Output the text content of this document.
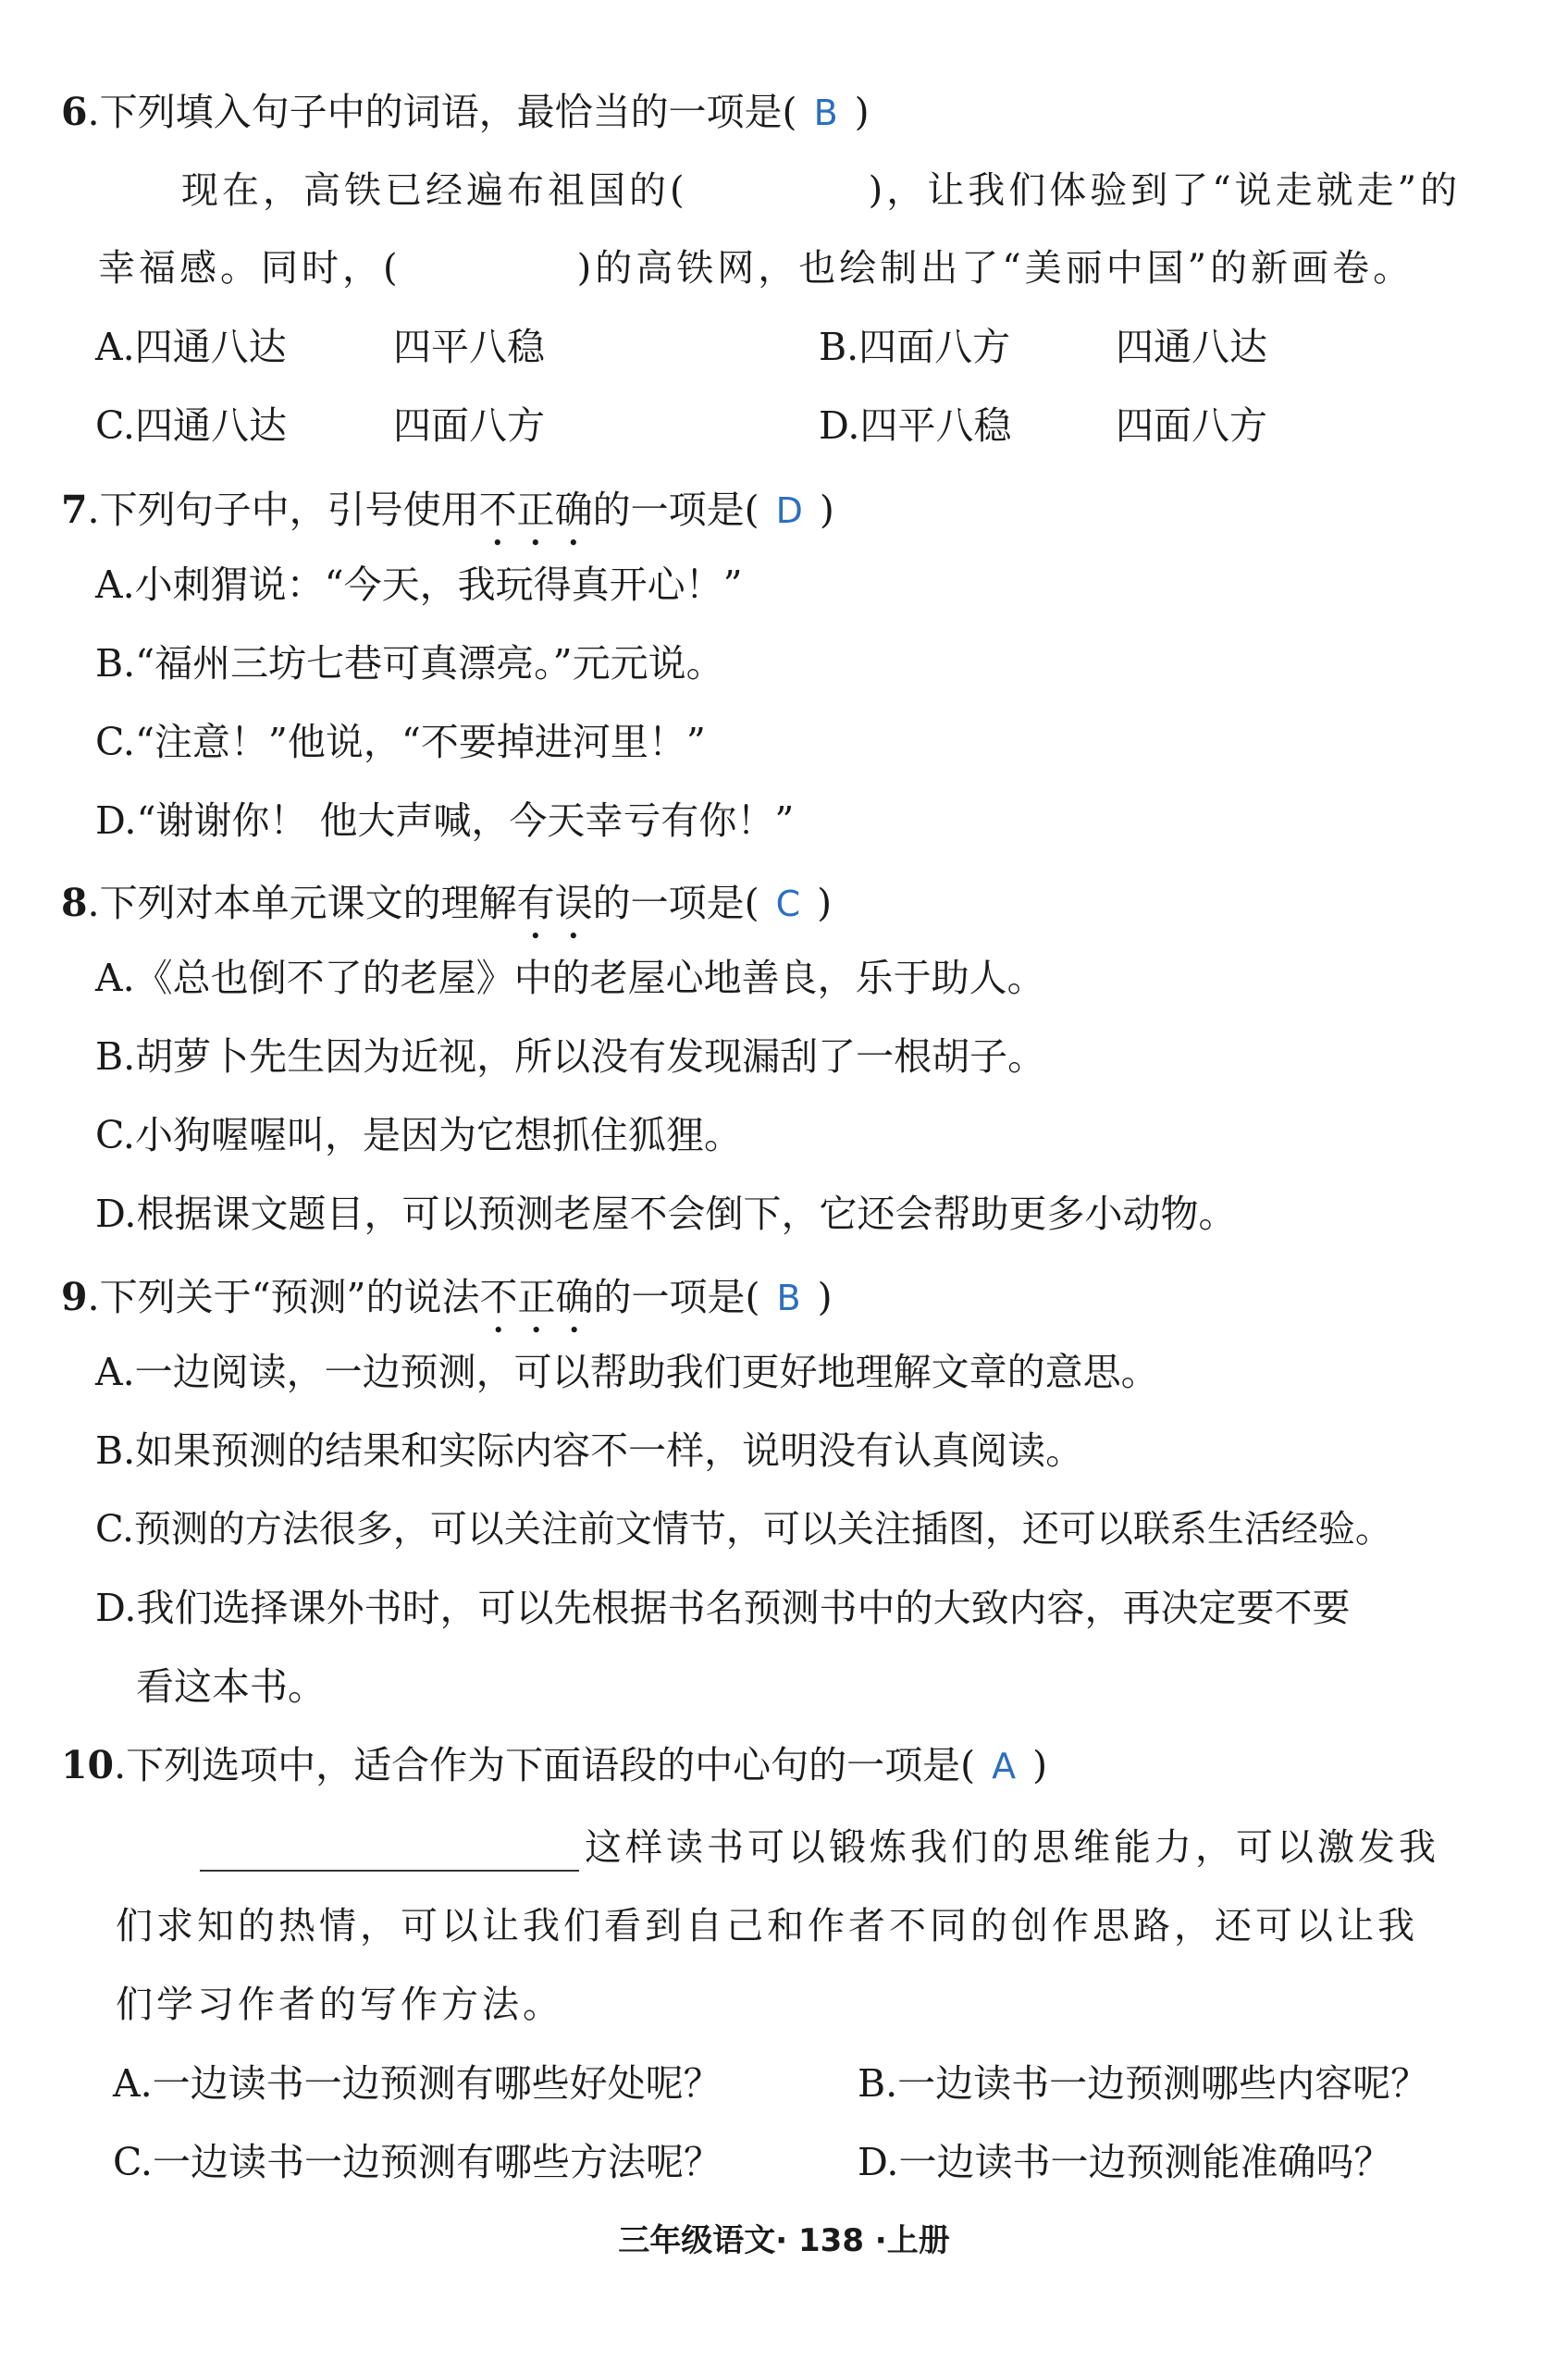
6.下列填入句子中的词语，最恰当的一项是( B )
现在，高铁已经遍布祖国的(	)，让我们体验到了“说走就走”的
幸福感。同时，(	)的高铁网，也绘制出了“美丽中国”的新画卷。
A.四通八达	四平八稳	B.四面八方	四通八达
C.四通八达	四面八方	D.四平八稳	四面八方
7.下列句子中，引号使用不正确的一项是( D )
A.小刺猬说：“今天，我玩得真开心！”
B.“福州三坊七巷可真漂亮。”元元说。
C.“注意！”他说，“不要掉进河里！”
D.“谢谢你！ 他大声喊，今天幸亏有你！”
8.下列对本单元课文的理解有误的一项是( C )
A.《总也倒不了的老屋》中的老屋心地善良，乐于助人。
B.胡萝卜先生因为近视，所以没有发现漏刮了一根胡子。
C.小狗喔喔叫，是因为它想抓住狐狸。
D.根据课文题目，可以预测老屋不会倒下，它还会帮助更多小动物。
9.下列关于“预测”的说法不正确的一项是( B )
A.一边阅读，一边预测，可以帮助我们更好地理解文章的意思。
B.如果预测的结果和实际内容不一样，说明没有认真阅读。
C.预测的方法很多，可以关注前文情节，可以关注插图，还可以联系生活经验。
D.我们选择课外书时，可以先根据书名预测书中的大致内容，再决定要不要
看这本书。
10.下列选项中，适合作为下面语段的中心句的一项是( A )
这样读书可以锻炼我们的思维能力，可以激发我
们求知的热情，可以让我们看到自己和作者不同的创作思路，还可以让我
们学习作者的写作方法。
A.一边读书一边预测有哪些好处呢？	B.一边读书一边预测哪些内容呢？
C.一边读书一边预测有哪些方法呢？	D.一边读书一边预测能准确吗？
三年级语文· 138 ·上册
